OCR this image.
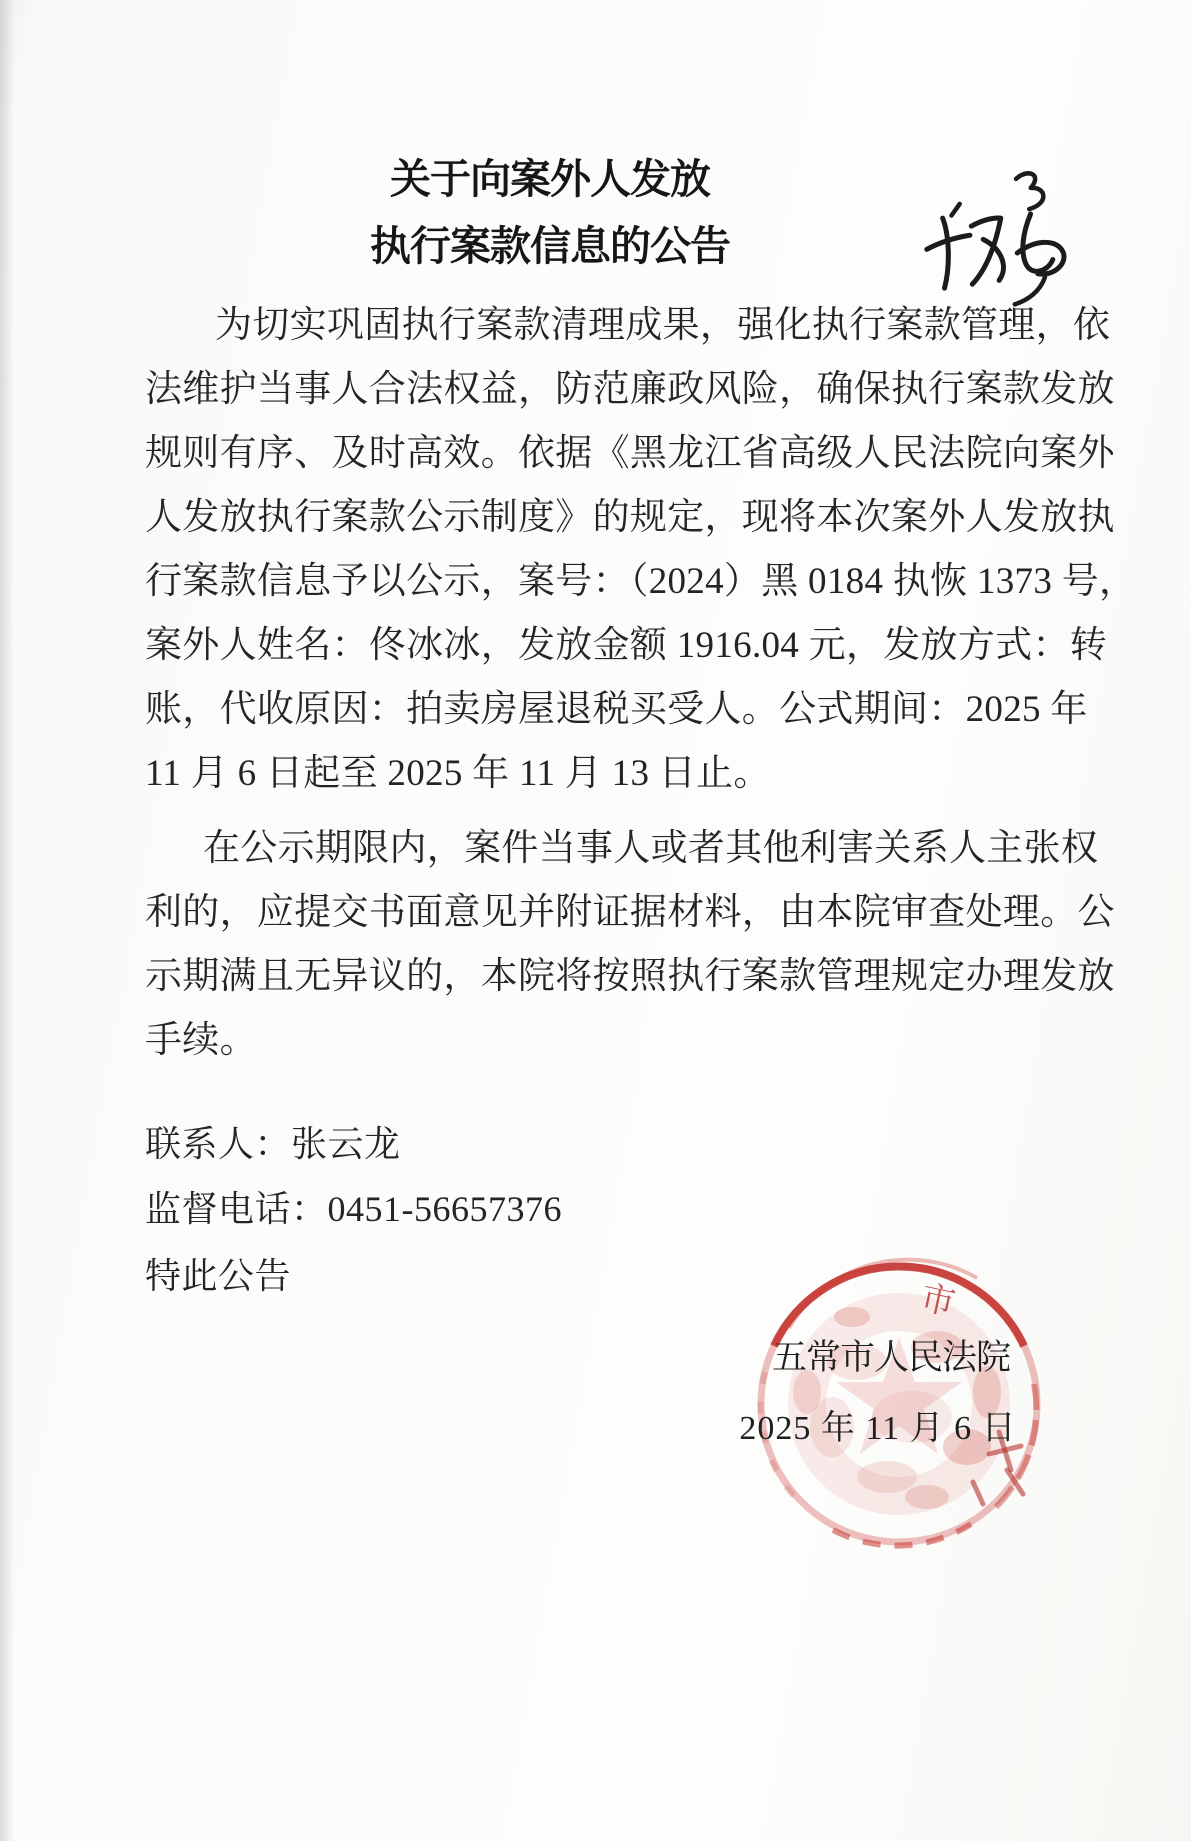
关于向案外人发放
执行案款信息的公告
为切实巩固执行案款清理成果，强化执行案款管理，依
法维护当事人合法权益，防范廉政风险，确保执行案款发放
规则有序、及时高效。依据《黑龙江省高级人民法院向案外
人发放执行案款公示制度》的规定，现将本次案外人发放执
行案款信息予以公示，案号：（2024）黑 0184 执恢 1373 号，
案外人姓名：佟冰冰，发放金额 1916.04 元，发放方式：转
账，代收原因：拍卖房屋退税买受人。公式期间：2025 年
11 月 6 日起至 2025 年 11 月 13 日止。
在公示期限内，案件当事人或者其他利害关系人主张权
利的，应提交书面意见并附证据材料，由本院审查处理。公
示期满且无异议的，本院将按照执行案款管理规定办理发放
手续。
联系人：张云龙
监督电话：0451-56657376
特此公告
市
五常市人民法院
2025 年 11 月 6 日
